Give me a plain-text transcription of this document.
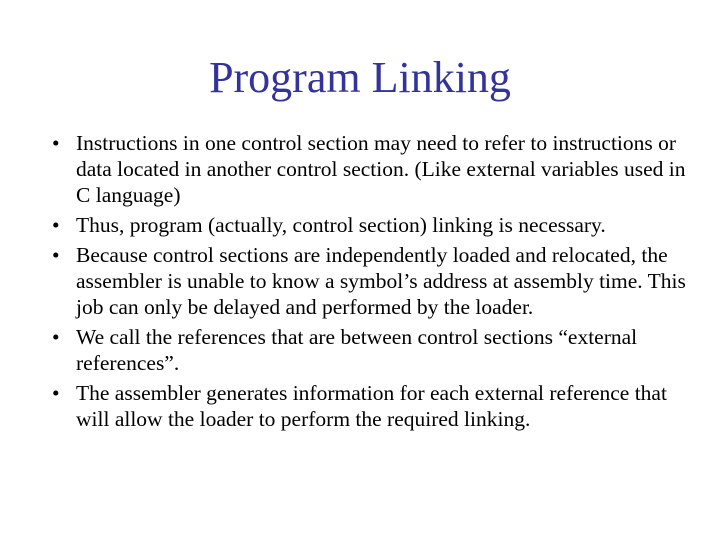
Program Linking
• Instructions in one control section may need to refer to instructions or data located in another control section. (Like external variables used in C language)
• Thus, program (actually, control section) linking is necessary.
• Because control sections are independently loaded and relocated, the assembler is unable to know a symbol’s address at assembly time. This job can only be delayed and performed by the loader.
• We call the references that are between control sections “external references”.
• The assembler generates information for each external reference that will allow the loader to perform the required linking.
